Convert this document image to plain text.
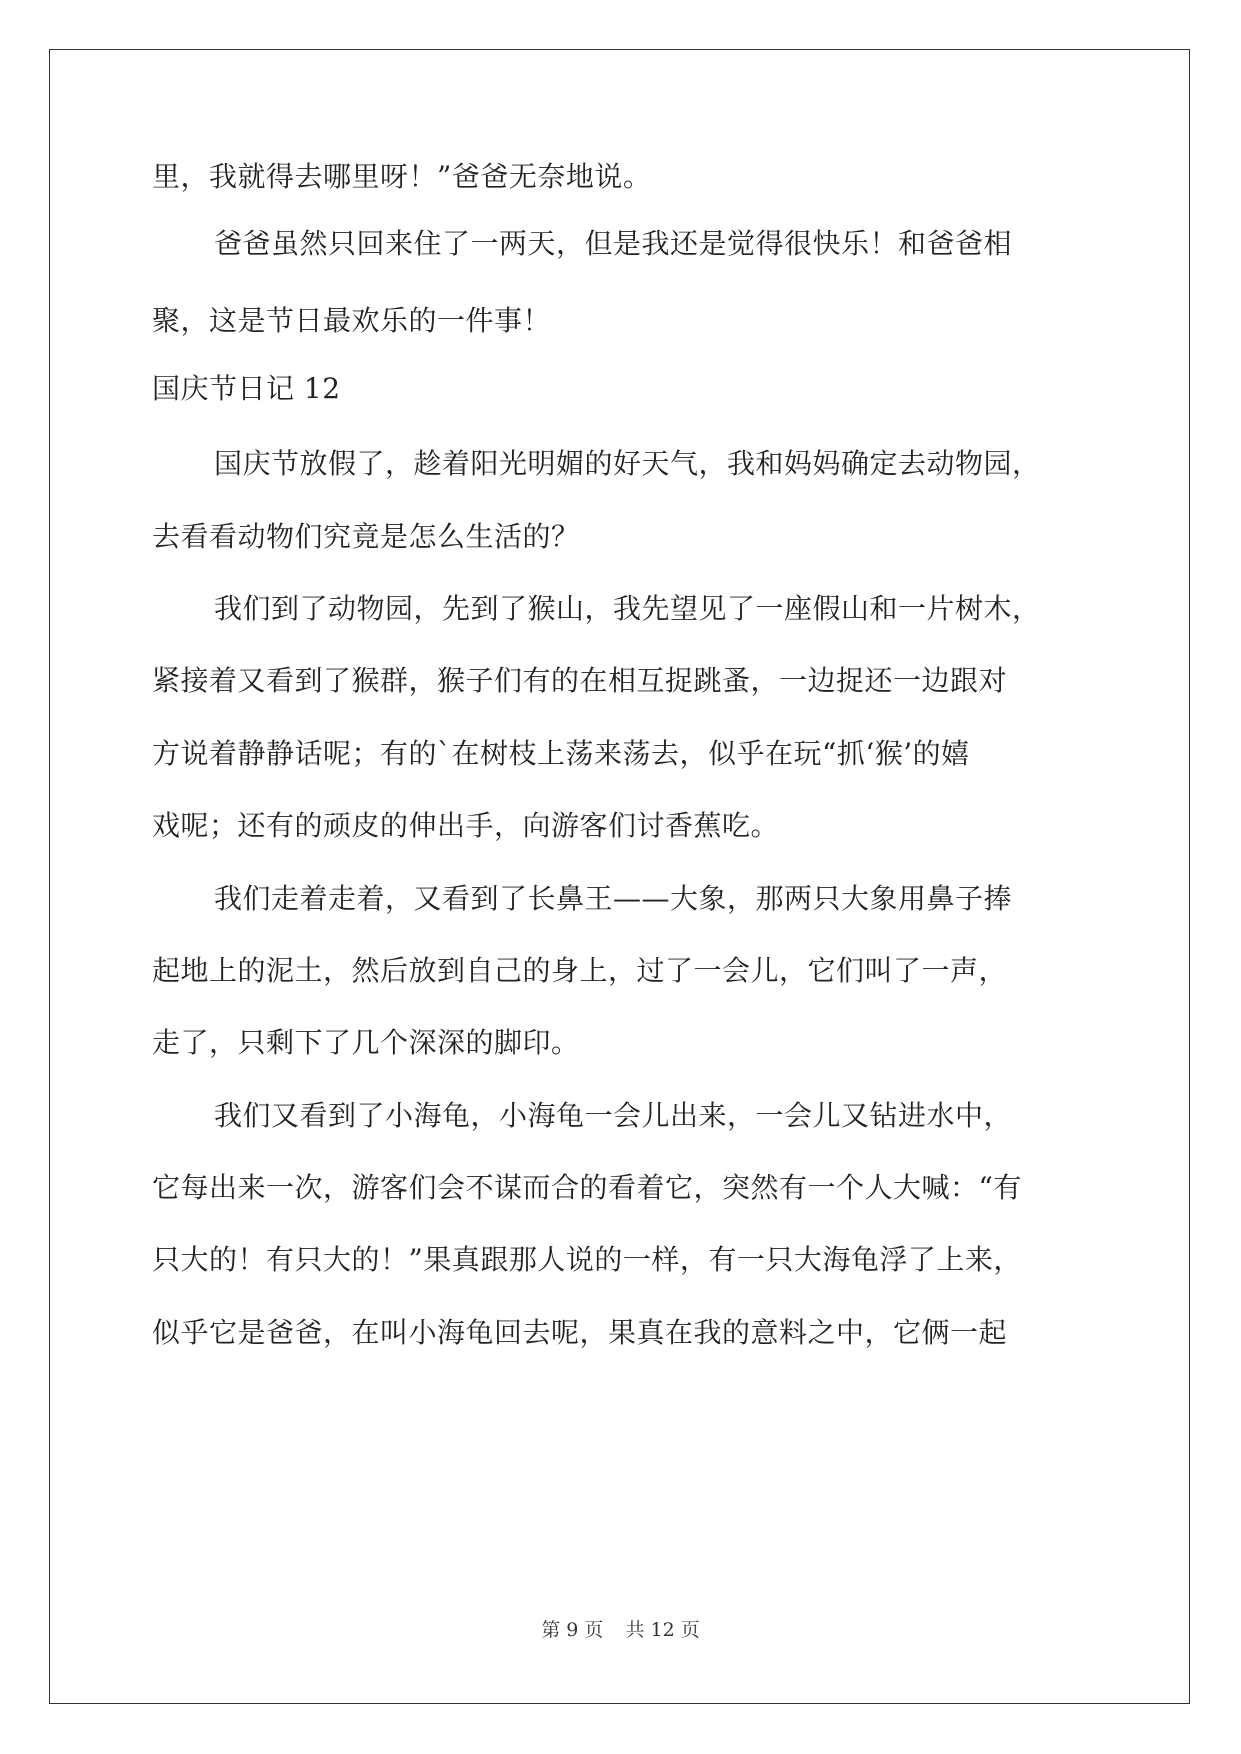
里，我就得去哪里呀！”爸爸无奈地说。
爸爸虽然只回来住了一两天，但是我还是觉得很快乐！和爸爸相
聚，这是节日最欢乐的一件事！
国庆节日记 12
国庆节放假了，趁着阳光明媚的好天气，我和妈妈确定去动物园，
去看看动物们究竟是怎么生活的？
我们到了动物园，先到了猴山，我先望见了一座假山和一片树木，
紧接着又看到了猴群，猴子们有的在相互捉跳蚤，一边捉还一边跟对
方说着静静话呢；有的`在树枝上荡来荡去，似乎在玩“抓‘猴’的嬉
戏呢；还有的顽皮的伸出手，向游客们讨香蕉吃。
我们走着走着，又看到了长鼻王——大象，那两只大象用鼻子捧
起地上的泥土，然后放到自己的身上，过了一会儿，它们叫了一声，
走了，只剩下了几个深深的脚印。
我们又看到了小海龟，小海龟一会儿出来，一会儿又钻进水中，
它每出来一次，游客们会不谋而合的看着它，突然有一个人大喊：“有
只大的！有只大的！”果真跟那人说的一样，有一只大海龟浮了上来，
似乎它是爸爸，在叫小海龟回去呢，果真在我的意料之中，它俩一起
第 9 页 共 12 页
